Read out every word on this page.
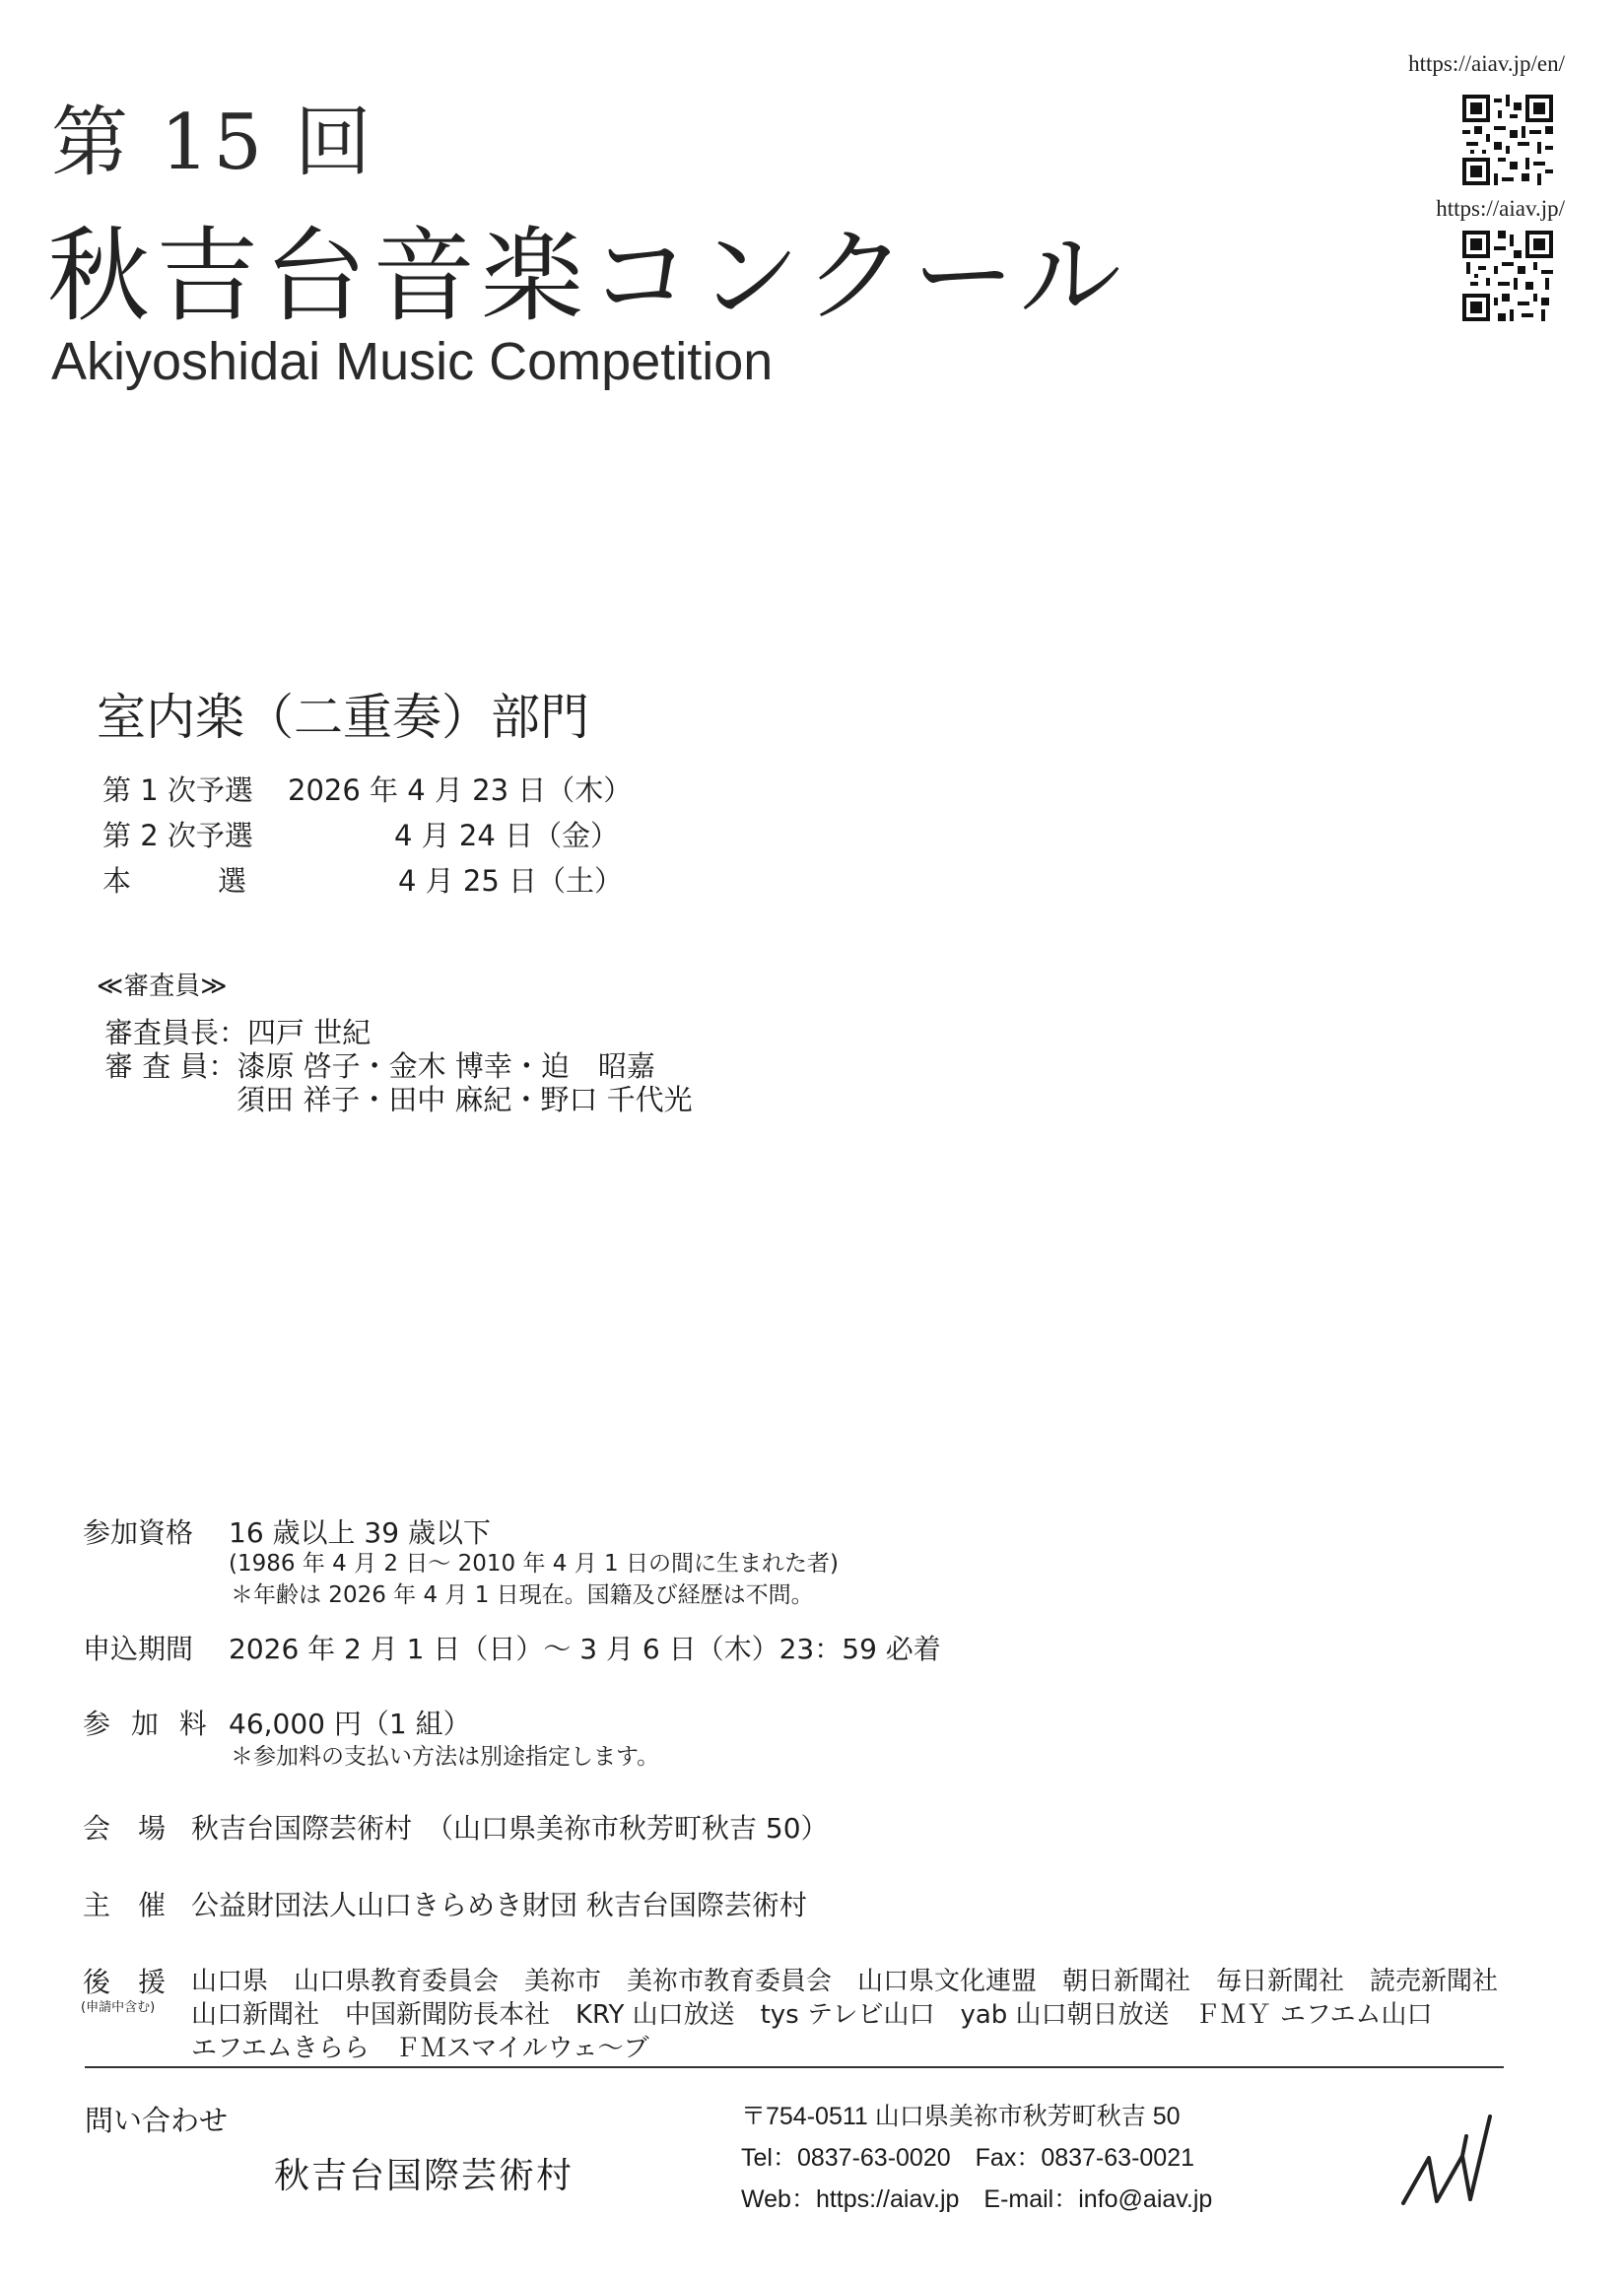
第 15 回
秋吉台音楽コンクール
Akiyoshidai Music Competition
https://aiav.jp/en/
https://aiav.jp/
室内楽（二重奏）部門
第 1 次予選 2026 年 4 月 23 日（木）
第 2 次予選	4 月 24 日（金）
本　　選	4 月 25 日（土）
≪審査員≫
審査員長：四戸 世紀
審 査 員：漆原 啓子・金木 博幸・迫　昭嘉
須田 祥子・田中 麻紀・野口 千代光
参加資格 16 歳以上 39 歳以下
(1986 年 4 月 2 日～ 2010 年 4 月 1 日の間に生まれた者)
＊年齢は 2026 年 4 月 1 日現在。国籍及び経歴は不問。
申込期間 2026 年 2 月 1 日（日）～ 3 月 6 日（木）23：59 必着
参 加 料 46,000 円（1 組）
＊参加料の支払い方法は別途指定します。
会　場 秋吉台国際芸術村　（山口県美祢市秋芳町秋吉 50）
主　催 公益財団法人山口きらめき財団 秋吉台国際芸術村
後　援
(申請中含む)
山口県　山口県教育委員会　美祢市　美祢市教育委員会　山口県文化連盟　朝日新聞社　毎日新聞社　読売新聞社
山口新聞社　中国新聞防長本社　KRY 山口放送　tys テレビ山口　yab 山口朝日放送　ＦＭＹ エフエム山口
エフエムきらら　ＦＭスマイルウェ～ブ
問い合わせ
秋吉台国際芸術村
〒754-0511 山口県美祢市秋芳町秋吉 50
Tel：0837-63-0020　Fax：0837-63-0021
Web：https://aiav.jp　E-mail：info@aiav.jp
